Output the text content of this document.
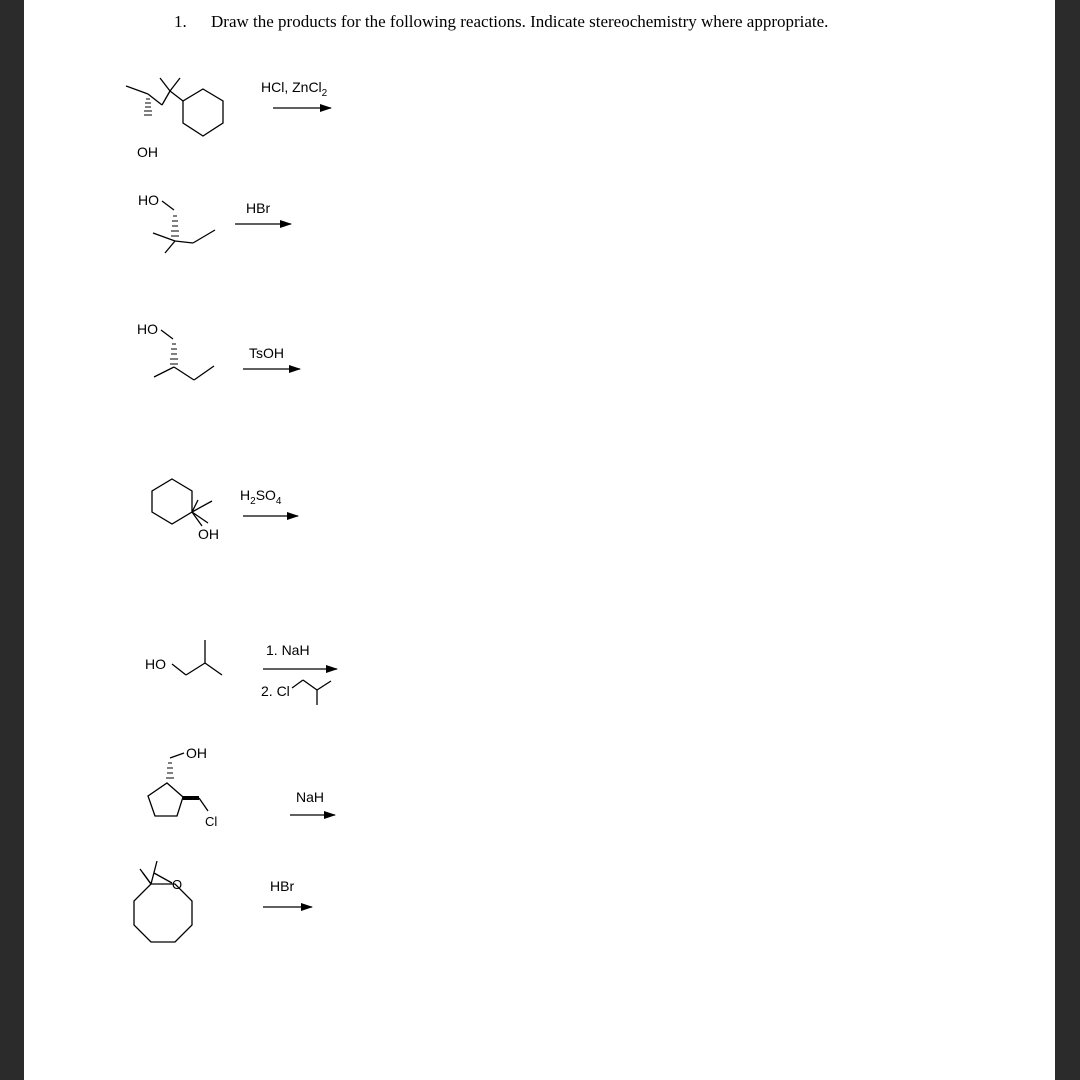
1. Draw the products for the following reactions. Indicate stereochemistry where appropriate.
OH
HCl, ZnCl$_2$
HO	HBr
HO
TsOH
OH
$H_2SO_4$
HO
1. NaH
2. Cl
OH
Cl
NaH
O	HBr
